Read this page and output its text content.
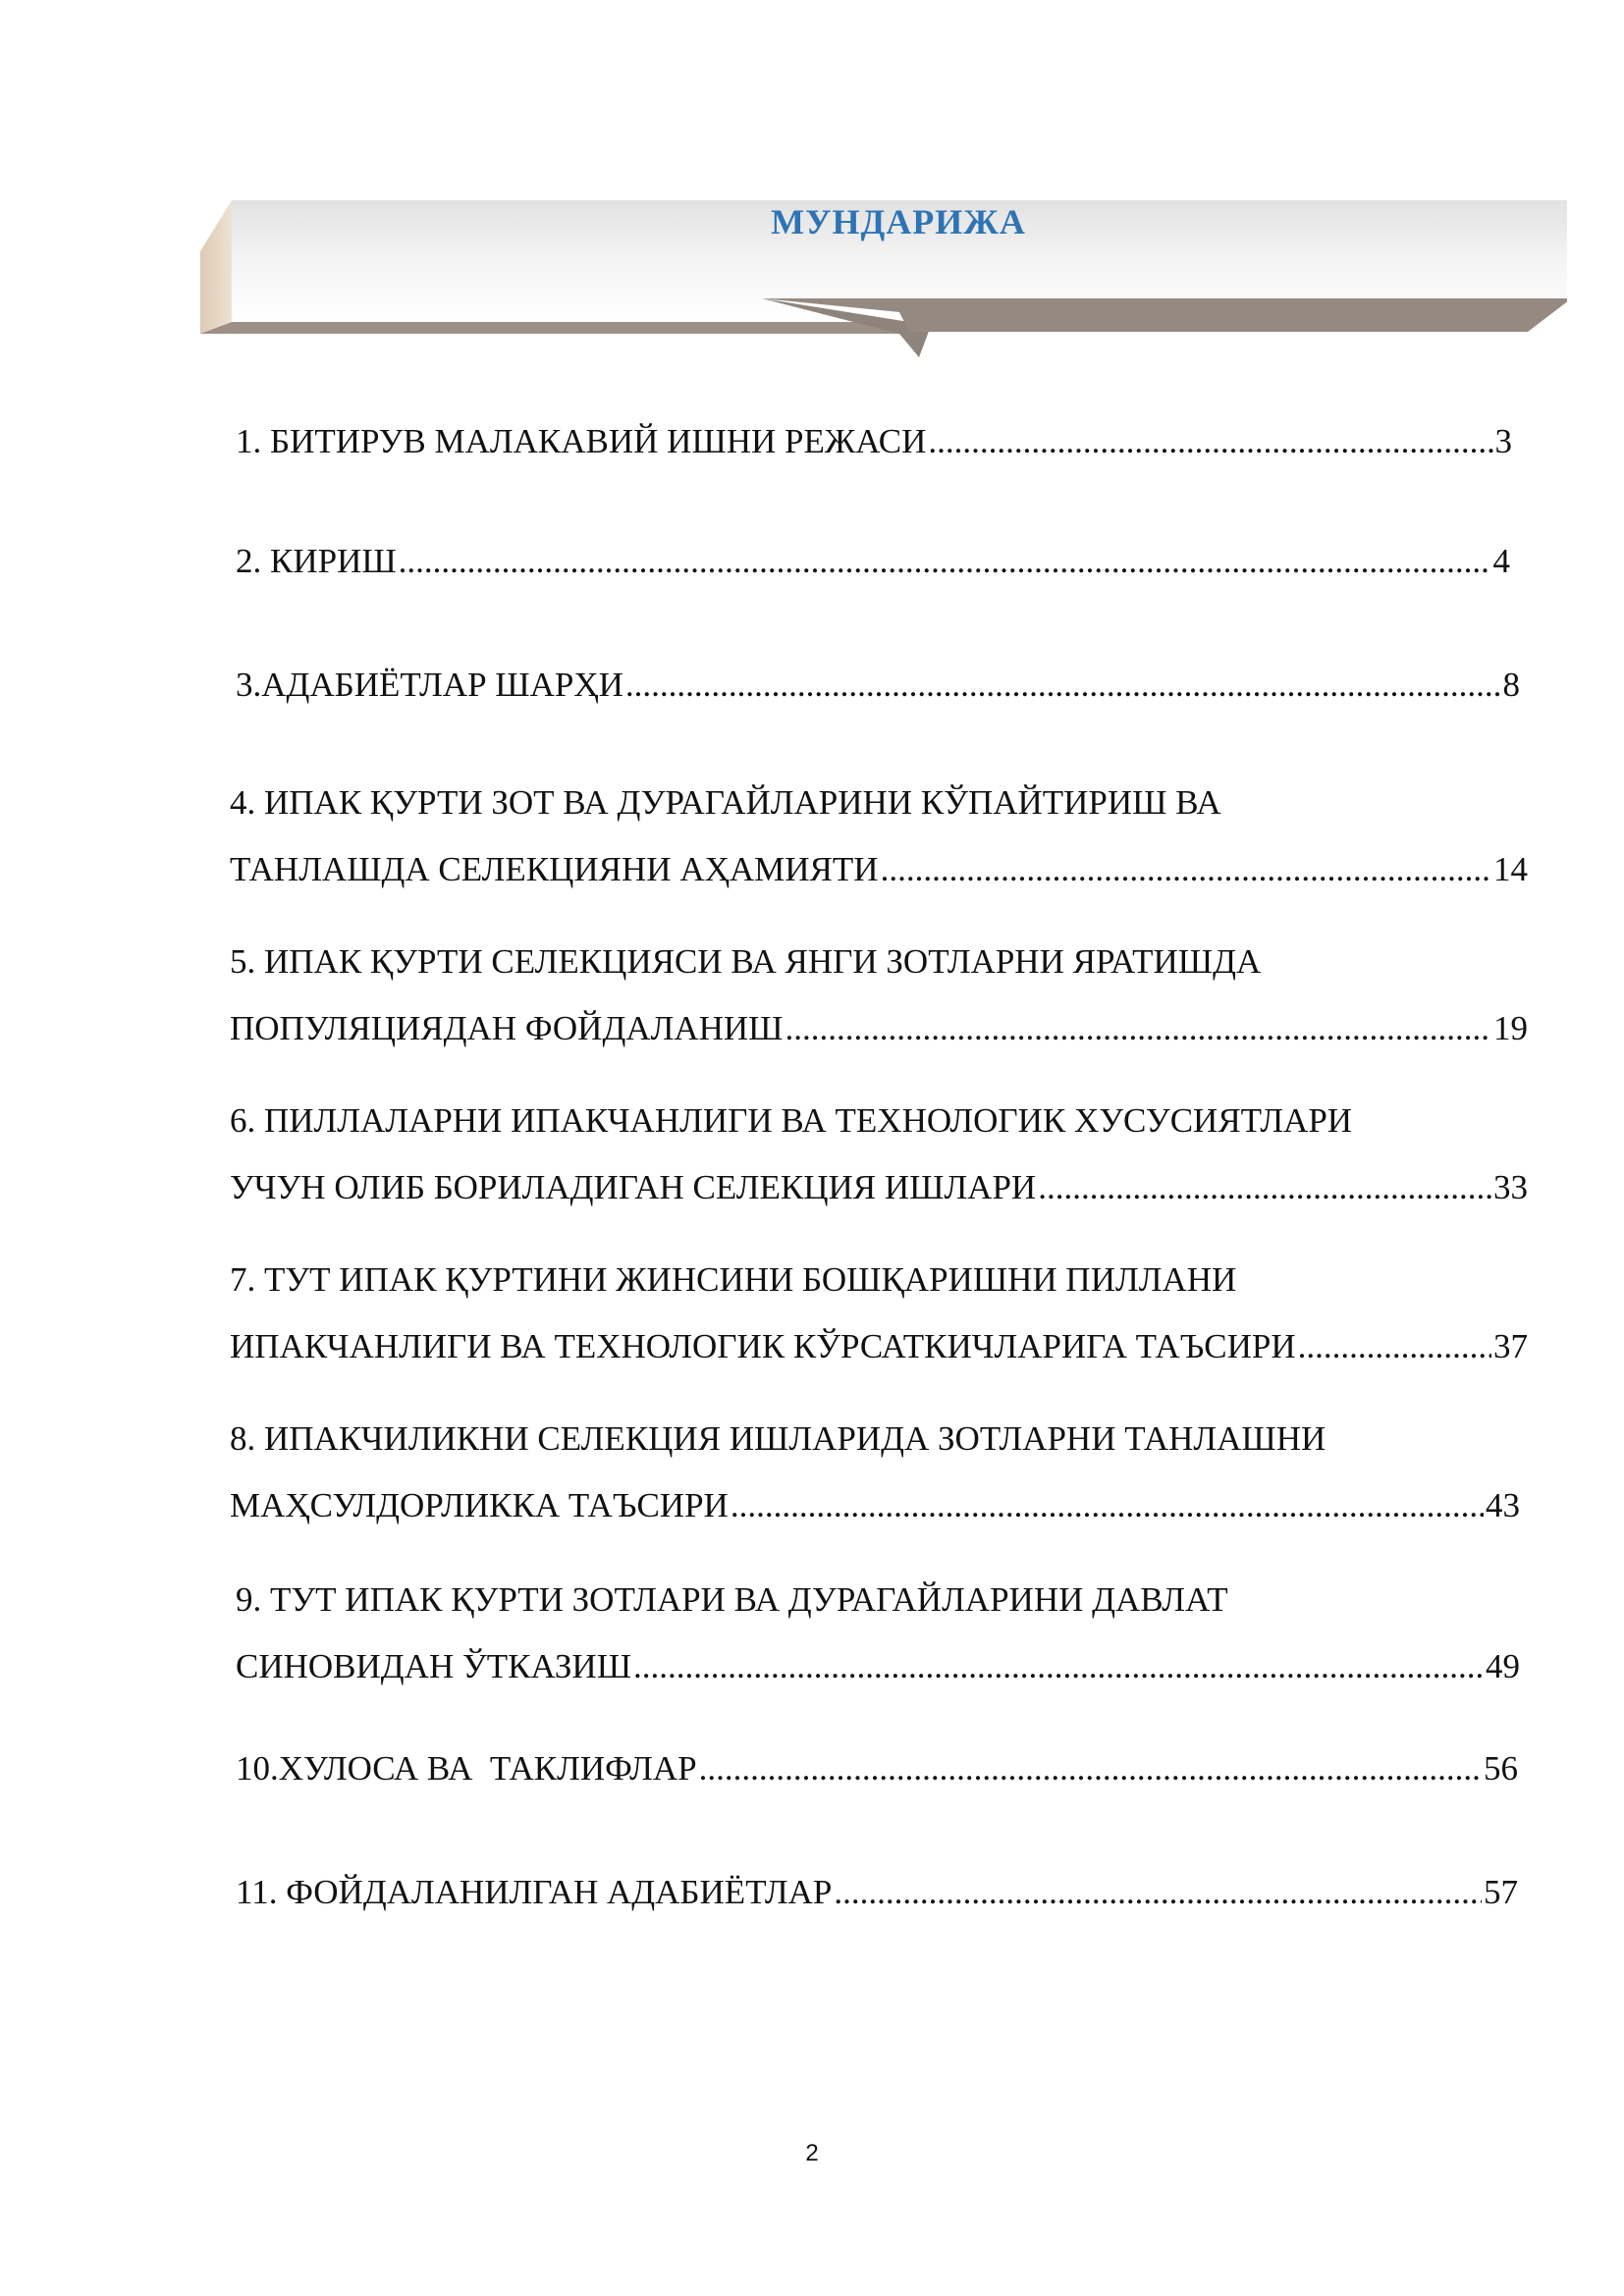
МУНДАРИЖА
1. БИТИРУВ МАЛАКАВИЙ ИШНИ РЕЖАСИ .....	3
2. КИРИШ .....	4
3.АДАБИЁТЛАР ШАРҲИ .....	8
4. ИПАК ҚУРТИ ЗОТ ВА ДУРАГАЙЛАРИНИ КЎПАЙТИРИШ ВА
ТАНЛАШДА СЕЛЕКЦИЯНИ АҲАМИЯТИ .....	14
5. ИПАК ҚУРТИ СЕЛЕКЦИЯСИ ВА ЯНГИ ЗОТЛАРНИ ЯРАТИШДА
ПОПУЛЯЦИЯДАН ФОЙДАЛАНИШ .....	19
6. ПИЛЛАЛАРНИ ИПАКЧАНЛИГИ ВА ТЕХНОЛОГИК ХУСУСИЯТЛАРИ
УЧУН ОЛИБ БОРИЛАДИГАН СЕЛЕКЦИЯ ИШЛАРИ .....	33
7. ТУТ ИПАК ҚУРТИНИ ЖИНСИНИ БОШҚАРИШНИ ПИЛЛАНИ
ИПАКЧАНЛИГИ ВА ТЕХНОЛОГИК КЎРСАТКИЧЛАРИГА ТАЪСИРИ .....	37
8. ИПАКЧИЛИКНИ СЕЛЕКЦИЯ ИШЛАРИДА ЗОТЛАРНИ ТАНЛАШНИ
МАҲСУЛДОРЛИККА ТАЪСИРИ .....	43
9. ТУТ ИПАК ҚУРТИ ЗОТЛАРИ ВА ДУРАГАЙЛАРИНИ ДАВЛАТ
СИНОВИДАН ЎТКАЗИШ .....	49
10.ХУЛОСА ВА  ТАКЛИФЛАР .....	56
11. ФОЙДАЛАНИЛГАН АДАБИЁТЛАР .....	57
2
